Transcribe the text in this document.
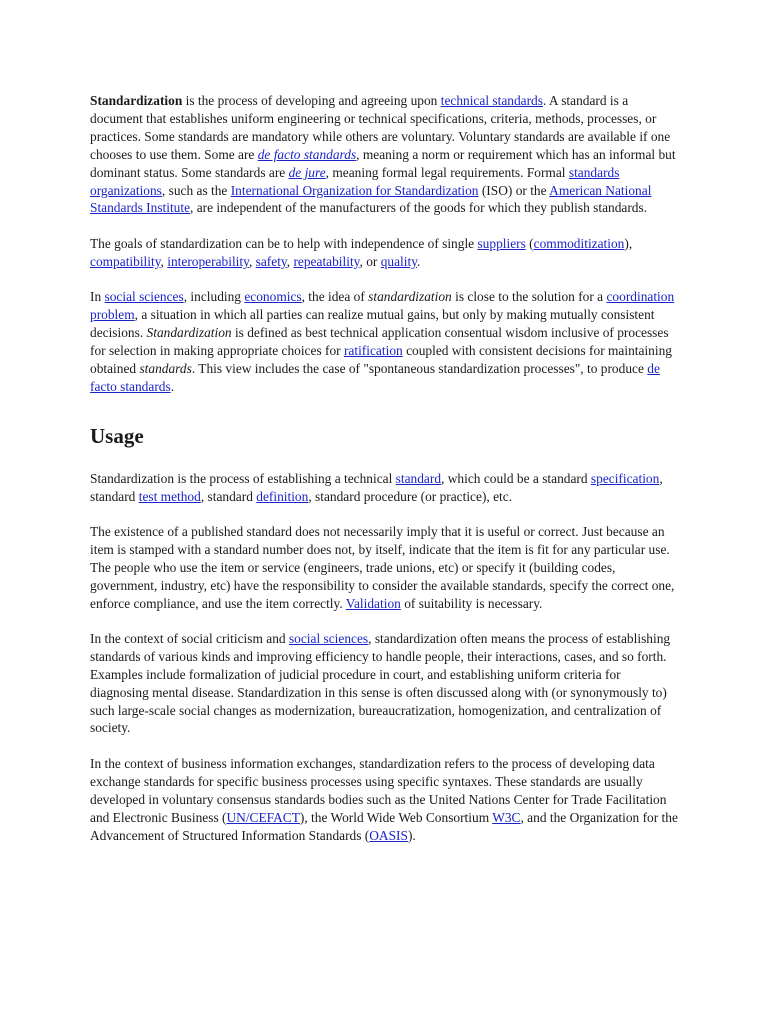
Standardization is the process of developing and agreeing upon technical standards. A standard is a document that establishes uniform engineering or technical specifications, criteria, methods, processes, or practices. Some standards are mandatory while others are voluntary. Voluntary standards are available if one chooses to use them. Some are de facto standards, meaning a norm or requirement which has an informal but dominant status. Some standards are de jure, meaning formal legal requirements. Formal standards organizations, such as the International Organization for Standardization (ISO) or the American National Standards Institute, are independent of the manufacturers of the goods for which they publish standards.

The goals of standardization can be to help with independence of single suppliers (commoditization), compatibility, interoperability, safety, repeatability, or quality.

In social sciences, including economics, the idea of standardization is close to the solution for a coordination problem, a situation in which all parties can realize mutual gains, but only by making mutually consistent decisions. Standardization is defined as best technical application consentual wisdom inclusive of processes for selection in making appropriate choices for ratification coupled with consistent decisions for maintaining obtained standards. This view includes the case of "spontaneous standardization processes", to produce de facto standards.

Usage

Standardization is the process of establishing a technical standard, which could be a standard specification, standard test method, standard definition, standard procedure (or practice), etc.

The existence of a published standard does not necessarily imply that it is useful or correct. Just because an item is stamped with a standard number does not, by itself, indicate that the item is fit for any particular use. The people who use the item or service (engineers, trade unions, etc) or specify it (building codes, government, industry, etc) have the responsibility to consider the available standards, specify the correct one, enforce compliance, and use the item correctly. Validation of suitability is necessary.

In the context of social criticism and social sciences, standardization often means the process of establishing standards of various kinds and improving efficiency to handle people, their interactions, cases, and so forth. Examples include formalization of judicial procedure in court, and establishing uniform criteria for diagnosing mental disease. Standardization in this sense is often discussed along with (or synonymously to) such large-scale social changes as modernization, bureaucratization, homogenization, and centralization of society.

In the context of business information exchanges, standardization refers to the process of developing data exchange standards for specific business processes using specific syntaxes. These standards are usually developed in voluntary consensus standards bodies such as the United Nations Center for Trade Facilitation and Electronic Business (UN/CEFACT), the World Wide Web Consortium W3C, and the Organization for the Advancement of Structured Information Standards (OASIS).
